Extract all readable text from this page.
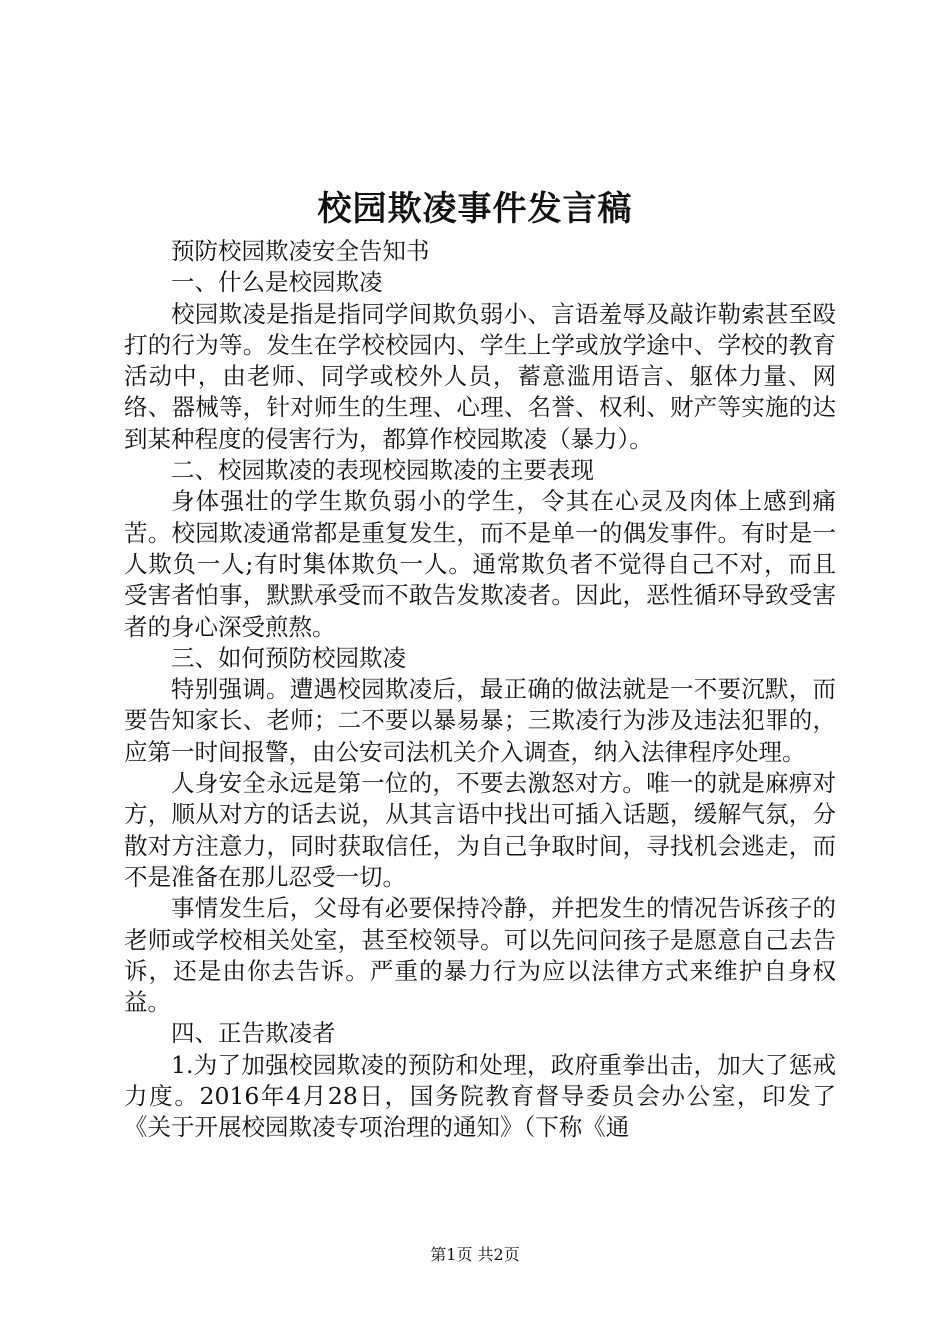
校园欺凌事件发言稿

预防校园欺凌安全告知书

一、什么是校园欺凌

校园欺凌是指是指同学间欺负弱小、言语羞辱及敲诈勒索甚至殴打的行为等。发生在学校校园内、学生上学或放学途中、学校的教育活动中，由老师、同学或校外人员，蓄意滥用语言、躯体力量、网络、器械等，针对师生的生理、心理、名誉、权利、财产等实施的达到某种程度的侵害行为，都算作校园欺凌（暴力）。

二、校园欺凌的表现校园欺凌的主要表现

身体强壮的学生欺负弱小的学生，令其在心灵及肉体上感到痛苦。校园欺凌通常都是重复发生，而不是单一的偶发事件。有时是一人欺负一人;有时集体欺负一人。通常欺负者不觉得自己不对，而且受害者怕事，默默承受而不敢告发欺凌者。因此，恶性循环导致受害者的身心深受煎熬。

三、如何预防校园欺凌

特别强调。遭遇校园欺凌后，最正确的做法就是一不要沉默，而要告知家长、老师；二不要以暴易暴；三欺凌行为涉及违法犯罪的，应第一时间报警，由公安司法机关介入调查，纳入法律程序处理。

人身安全永远是第一位的，不要去激怒对方。唯一的就是麻痹对方，顺从对方的话去说，从其言语中找出可插入话题，缓解气氛，分散对方注意力，同时获取信任，为自己争取时间，寻找机会逃走，而不是准备在那儿忍受一切。

事情发生后，父母有必要保持冷静，并把发生的情况告诉孩子的老师或学校相关处室，甚至校领导。可以先问问孩子是愿意自己去告诉，还是由你去告诉。严重的暴力行为应以法律方式来维护自身权益。

四、正告欺凌者

1.为了加强校园欺凌的预防和处理，政府重拳出击，加大了惩戒力度。2016年4月28日，国务院教育督导委员会办公室，印发了《关于开展校园欺凌专项治理的通知》（下称《通

第1页 共2页
